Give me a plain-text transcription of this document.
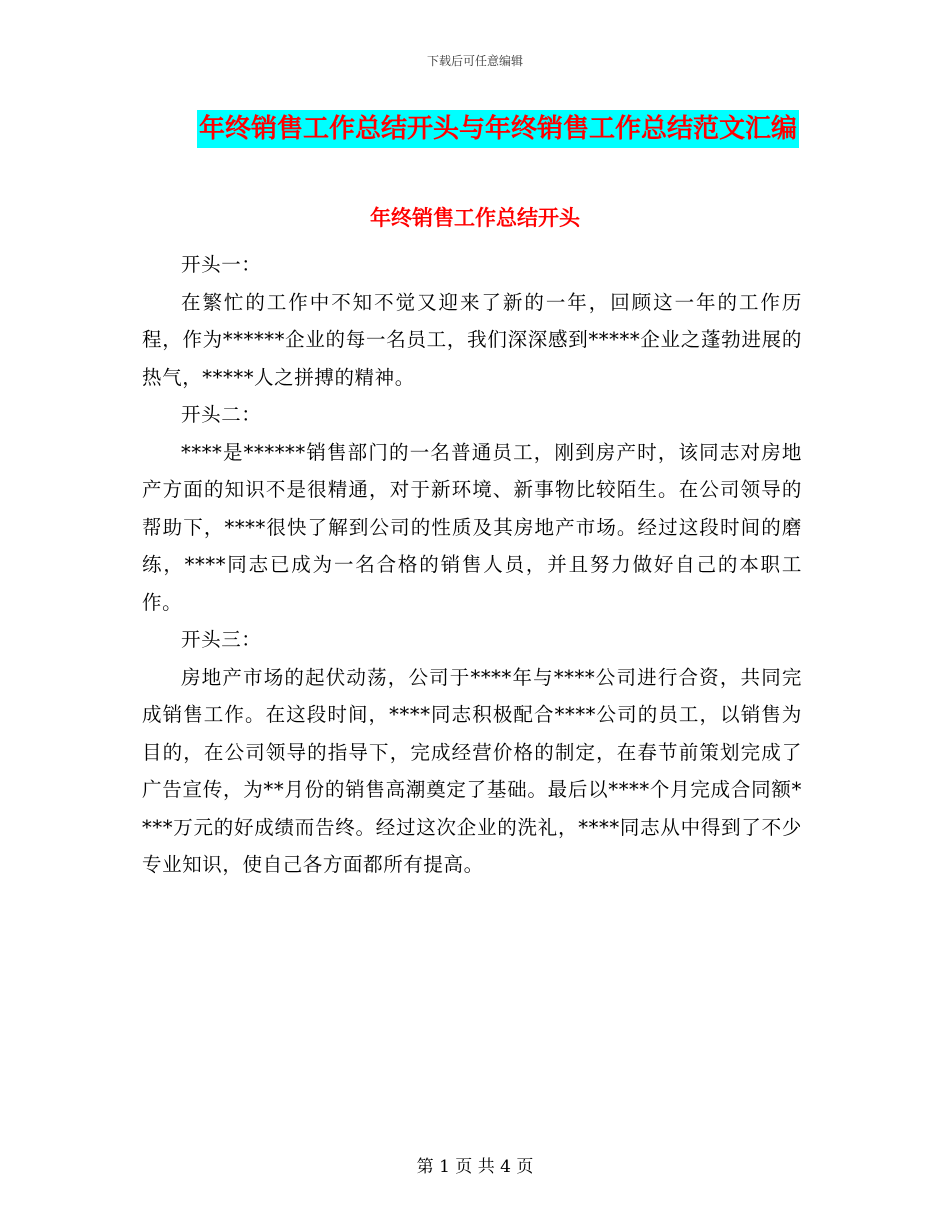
下载后可任意编辑
年终销售工作总结开头与年终销售工作总结范文汇编
年终销售工作总结开头

开头一：

在繁忙的工作中不知不觉又迎来了新的一年，回顾这一年的工作历程，作为******企业的每一名员工，我们深深感到*****企业之蓬勃进展的热气，*****人之拼搏的精神。

开头二：

****是******销售部门的一名普通员工，刚到房产时，该同志对房地产方面的知识不是很精通，对于新环境、新事物比较陌生。在公司领导的帮助下，****很快了解到公司的性质及其房地产市场。经过这段时间的磨练，****同志已成为一名合格的销售人员，并且努力做好自己的本职工作。

开头三：

房地产市场的起伏动荡，公司于****年与****公司进行合资，共同完成销售工作。在这段时间，****同志积极配合****公司的员工，以销售为目的，在公司领导的指导下，完成经营价格的制定，在春节前策划完成了广告宣传，为**月份的销售高潮奠定了基础。最后以****个月完成合同额****万元的好成绩而告终。经过这次企业的洗礼，****同志从中得到了不少专业知识，使自己各方面都所有提高。

第 1 页 共 4 页
